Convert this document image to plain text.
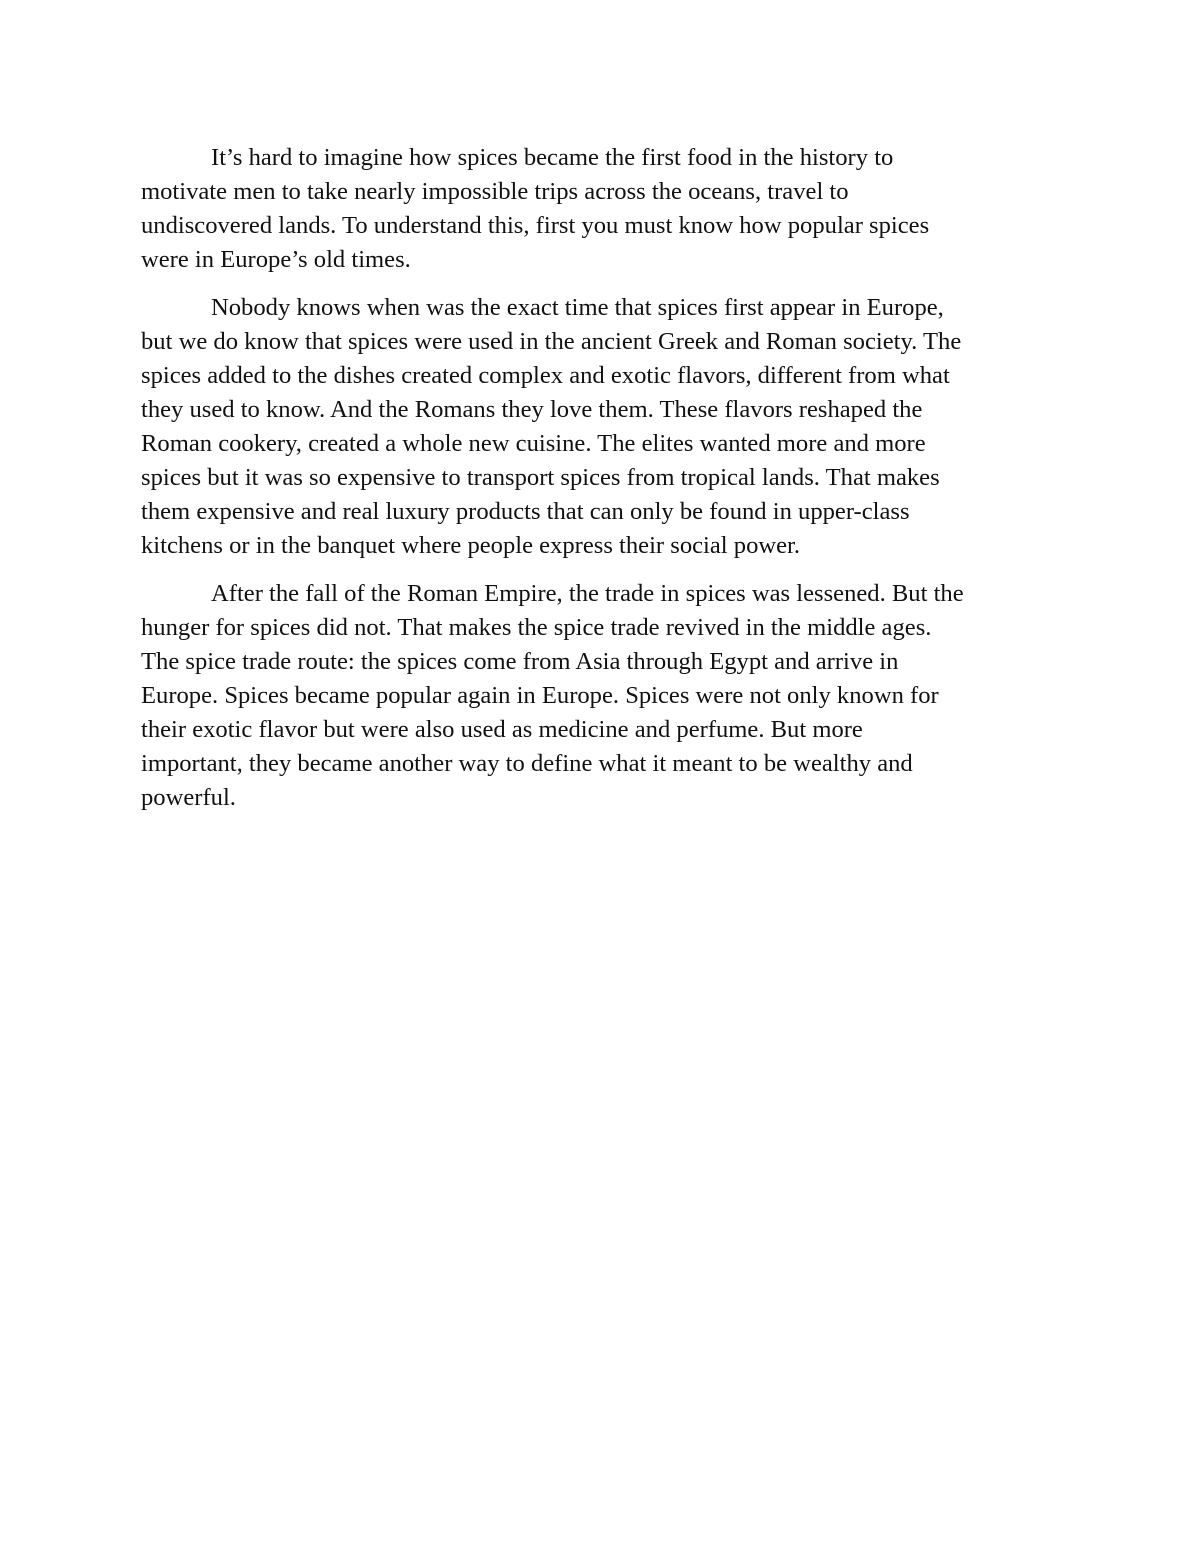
It’s hard to imagine how spices became the first food in the history to
motivate men to take nearly impossible trips across the oceans, travel to
undiscovered lands. To understand this, first you must know how popular spices
were in Europe’s old times.

Nobody knows when was the exact time that spices first appear in Europe,
but we do know that spices were used in the ancient Greek and Roman society. The
spices added to the dishes created complex and exotic flavors, different from what
they used to know. And the Romans they love them. These flavors reshaped the
Roman cookery, created a whole new cuisine. The elites wanted more and more
spices but it was so expensive to transport spices from tropical lands. That makes
them expensive and real luxury products that can only be found in upper-class
kitchens or in the banquet where people express their social power.

After the fall of the Roman Empire, the trade in spices was lessened. But the
hunger for spices did not. That makes the spice trade revived in the middle ages.
The spice trade route: the spices come from Asia through Egypt and arrive in
Europe. Spices became popular again in Europe. Spices were not only known for
their exotic flavor but were also used as medicine and perfume. But more
important, they became another way to define what it meant to be wealthy and
powerful.
